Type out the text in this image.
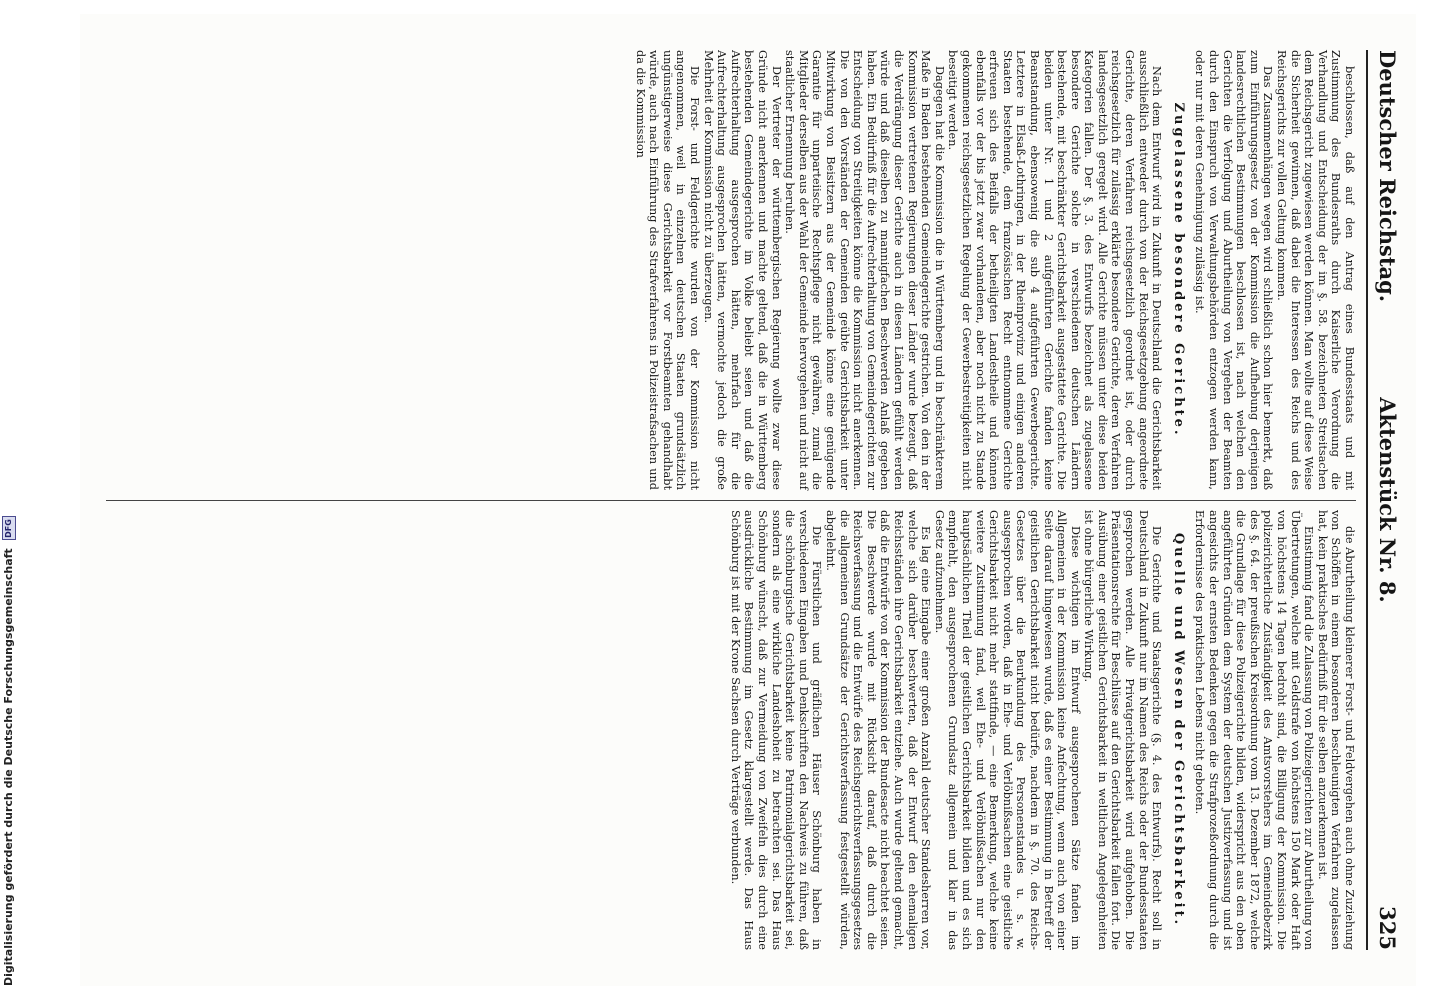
Deutscher Reichstag.
Aktenstück Nr. 8.
325

beschlossen, daß auf den Antrag eines Bundesstaats und mit Zustimmung des Bundesraths durch Kaiserliche Verordnung die Verhandlung und Entscheidung der im §. 58. bezeichneten Streitsachen dem Reichsgericht zugewiesen werden können. Man wollte auf diese Weise die Sicherheit gewinnen, daß dabei die Interessen des Reichs und des Reichsgerichts zur vollen Geltung kommen.

Das Zusammenhängen wegen wird schließlich schon hier bemerkt, daß zum Einführungsgesetz von der Kommission die Aufhebung derjenigen landesrechtlichen Bestimmungen beschlossen ist, nach welchen den Gerichten die Verfolgung und Aburtheilung von Vergehen der Beamten durch den Einspruch von Verwaltungsbehörden entzogen werden kann, oder nur mit deren Genehmigung zulässig ist.

Zugelassene besondere Gerichte.

Nach dem Entwurf wird in Zukunft in Deutschland die Gerichtsbarkeit ausschließlich entweder durch von der Reichsgesetzgebung angeordnete Gerichte, deren Verfahren reichsgesetzlich geordnet ist, oder durch reichsgesetzlich für zulässig erklärte besondere Gerichte, deren Verfahren landesgesetzlich geregelt wird. Alle Gerichte müssen unter diese beiden Kategorien fallen. Der §. 3. des Entwurfs bezeichnet als zugelassene besondere Gerichte solche in verschiedenen deutschen Ländern bestehende, mit beschränkter Gerichtsbarkeit ausgestattete Gerichte. Die beiden unter Nr. 1 und 2 aufgeführten Gerichte fanden keine Beanstandung, ebensowenig die sub 4 aufgeführten Gewerbegerichte. Letztere in Elsaß-Lothringen, in der Rheinprovinz und einigen anderen Staaten bestehende, dem französischen Recht entnommene Gerichte erfreuen sich des Beifalls der betheiligten Landestheile und können ebenfalls vor der bis jetzt zwar vorhandenen, aber noch nicht zu Stande gekommenen reichsgesetzlichen Regelung der Gewerbestreitigkeiten nicht beseitigt werden.

Dagegen hat die Kommission die in Württemberg und in beschränkterem Maße in Baden bestehenden Gemeindegerichte gestrichen. Von den in der Kommission vertretenen Regierungen dieser Länder wurde bezeugt, daß die Verdrängung dieser Gerichte auch in diesen Ländern gefühlt werden würde und daß dieselben zu mannigfachen Beschwerden Anlaß gegeben haben. Ein Bedürfniß für die Aufrechterhaltung von Gemeindegerichten zur Entscheidung von Streitigkeiten könne die Kommission nicht anerkennen. Die von den Vorständen der Gemeinden geübte Gerichtsbarkeit unter Mitwirkung von Beisitzern aus der Gemeinde könne eine genügende Garantie für unparteiische Rechtspflege nicht gewähren, zumal die Mitglieder derselben aus der Wahl der Gemeinde hervorgehen und nicht auf staatlicher Ernennung beruhen.

Der Vertreter der württembergischen Regierung wollte zwar diese Gründe nicht anerkennen und machte geltend, daß die in Württemberg bestehenden Gemeindegerichte im Volke beliebt seien und daß die Aufrechterhaltung ausgesprochen hätten, mehrfach für die Aufrechterhaltung ausgesprochen hätten, vermochte jedoch die große Mehrheit der Kommission nicht zu überzeugen.

Die Forst- und Feldgerichte wurden von der Kommission nicht angenommen, weil in einzelnen deutschen Staaten grundsätzlich ungünstigerweise diese Gerichtsbarkeit vor Forstbeamten gehandhabt würde, auch nach Einführung des Strafverfahrens in Polizeistrafsachen und da die Kommission

die Aburtheilung kleinerer Forst- und Feldvergehen auch ohne Zuziehung von Schöffen in einem besonderen beschleunigten Verfahren zugelassen hat, kein praktisches Bedürfniß für die selben anzuerkennen ist.

Einstimmig fand die Zulassung von Polizeigerichten zur Aburtheilung von Übertretungen, welche mit Geldstrafe von höchstens 150 Mark oder Haft von höchstens 14 Tagen bedroht sind, die Billigung der Kommission. Die polizeirichterliche Zuständigkeit des Amtsvorstehers im Gemeindebezirk des §. 64. der preußischen Kreisordnung vom 13. Dezember 1872, welche die Grundlage für diese Polizeigerichte bilden, widerspricht aus den oben angeführten Gründen dem System der deutschen Justizverfassung und ist angesichts der ernsten Bedenken gegen die Strafprozeßordnung durch die Erfordernisse des praktischen Lebens nicht geboten.

Quelle und Wesen der Gerichtsbarkeit.

Die Gerichte und Staatsgerichte (§. 4. des Entwurfs). Recht soll in Deutschland in Zukunft nur im Namen des Reichs oder der Bundesstaaten gesprochen werden. Alle Privatgerichtsbarkeit wird aufgehoben. Die Präsentationsrechte für Beschlüsse auf den Gerichtsbarkeit fallen fort. Die Ausübung einer geistlichen Gerichtsbarkeit in weltlichen Angelegenheiten ist ohne bürgerliche Wirkung.

Diese wichtigen im Entwurf ausgesprochenen Sätze fanden im Allgemeinen in der Kommission keine Anfechtung, wenn auch von einer Seite darauf hingewiesen wurde, daß es einer Bestimmung in Betreff der geistlichen Gerichtsbarkeit nicht bedürfe, nachdem in §. 70. des Reichs-Gesetzes über die Beurkundung des Personenstandes u. s. w. ausgesprochen worden, daß in Ehe- und Verlöbnißsachen eine geistliche Gerichtsbarkeit nicht mehr stattfinde, — eine Bemerkung, welche keine weitere Zustimmung fand, weil Ehe- und Verlöbnißsachen nur den hauptsächlichen Theil der geistlichen Gerichtsbarkeit bilden und es sich empfiehlt, den ausgesprochenen Grundsatz allgemein und klar in das Gesetz aufzunehmen.

Es lag eine Eingabe einer großen Anzahl deutscher Standesherren vor, welche sich darüber beschwerten, daß der Entwurf den ehemaligen Reichsständen ihre Gerichtsbarkeit entziehe. Auch wurde geltend gemacht, daß die Entwürfe von der Kommission der Bundesacte nicht beachtet seien. Die Beschwerde wurde mit Rücksicht darauf, daß durch die Reichsverfassung und die Entwürfe des Reichsgerichtsverfassungsgesetzes die allgemeinen Grundsätze der Gerichtsverfassung festgestellt würden, abgelehnt.

Die Fürstlichen und gräflichen Häuser Schönburg haben in verschiedenen Eingaben und Denkschriften den Nachweis zu führen, daß die schönburgische Gerichtsbarkeit keine Patrimonialgerichtsbarkeit sei, sondern als eine wirkliche Landeshoheit zu betrachten sei. Das Haus Schönburg wünscht, daß zur Vermeidung von Zweifeln dies durch eine ausdrückliche Bestimmung im Gesetz klargestellt werde. Das Haus Schönburg ist mit der Krone Sachsen durch Verträge verbunden.

Digitalisierung gefördert durch die Deutsche Forschungsgemeinschaft DFG
